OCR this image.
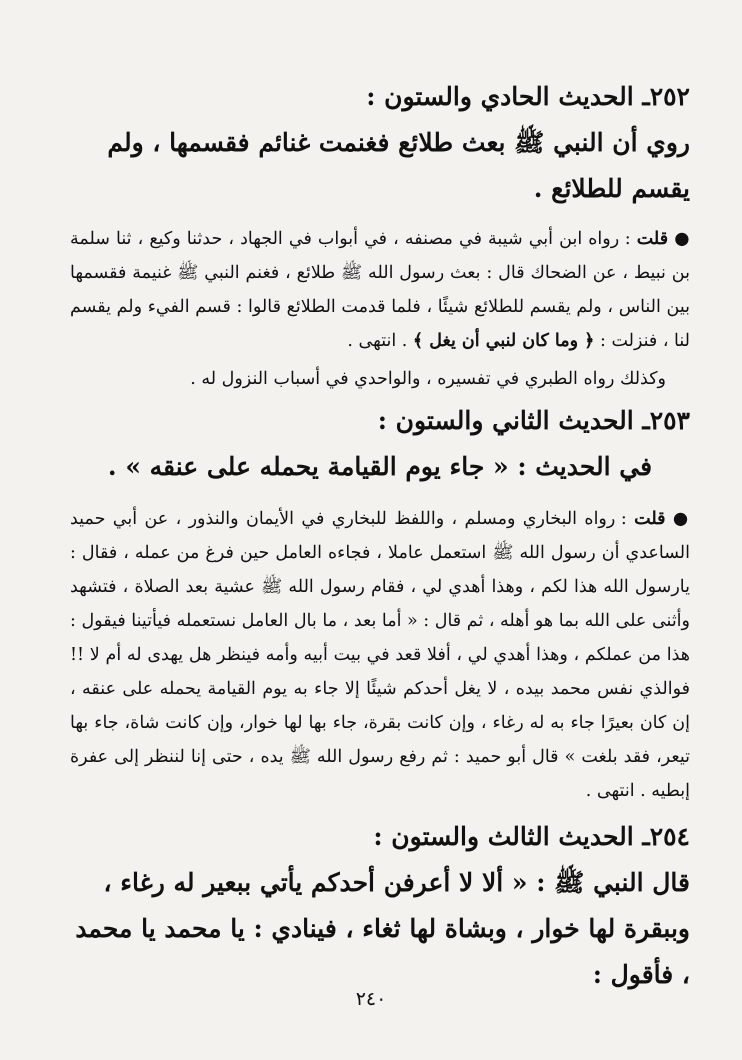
٢٥٢ـ الحديث الحادي والستون :

روي أن النبي ﷺ بعث طلائع فغنمت غنائم فقسمها ، ولم يقسم للطلائع .

● قلت : رواه ابن أبي شيبة في مصنفه ، في أبواب في الجهاد ، حدثنا وكيع ، ثنا سلمة بن نبيط ، عن الضحاك قال : بعث رسول الله ﷺ طلائع ، فغنم النبي ﷺ غنيمة فقسمها بين الناس ، ولم يقسم للطلائع شيئًا ، فلما قدمت الطلائع قالوا : قسم الفيء ولم يقسم لنا ، فنزلت : ﴿ وما كان لنبي أن يغل ﴾ . انتهى .

وكذلك رواه الطبري في تفسيره ، والواحدي في أسباب النزول له .

٢٥٣ـ الحديث الثاني والستون :

في الحديث : « جاء يوم القيامة يحمله على عنقه » .

● قلت : رواه البخاري ومسلم ، واللفظ للبخاري في الأيمان والنذور ، عن أبي حميد الساعدي أن رسول الله ﷺ استعمل عاملا ، فجاءه العامل حين فرغ من عمله ، فقال : يارسول الله هذا لكم ، وهذا أهدي لي ، فقام رسول الله ﷺ عشية بعد الصلاة ، فتشهد وأثنى على الله بما هو أهله ، ثم قال : « أما بعد ، ما بال العامل نستعمله فيأتينا فيقول : هذا من عملكم ، وهذا أهدي لي ، أفلا قعد في بيت أبيه وأمه فينظر هل يهدى له أم لا !! فوالذي نفس محمد بيده ، لا يغل أحدكم شيئًا إلا جاء به يوم القيامة يحمله على عنقه ، إن كان بعيرًا جاء به له رغاء ، وإن كانت بقرة، جاء بها لها خوار، وإن كانت شاة، جاء بها تيعر، فقد بلغت » قال أبو حميد : ثم رفع رسول الله ﷺ يده ، حتى إنا لننظر إلى عفرة إبطيه . انتهى .

٢٥٤ـ الحديث الثالث والستون :

قال النبي ﷺ : « ألا لا أعرفن أحدكم يأتي ببعير له رغاء ، وببقرة لها خوار ، وبشاة لها ثغاء ، فينادي : يا محمد يا محمد ، فأقول :

٢٤٠
